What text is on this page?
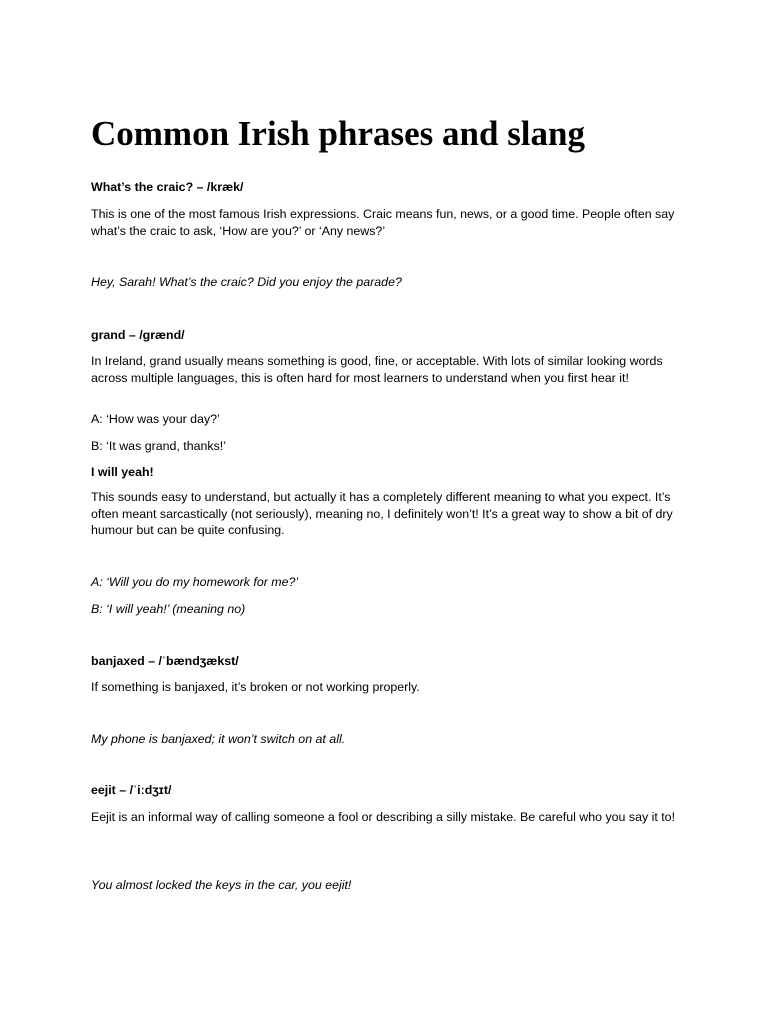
Common Irish phrases and slang

What’s the craic? – /kræk/

This is one of the most famous Irish expressions. Craic means fun, news, or a good time. People often say what’s the craic to ask, ‘How are you?’ or ‘Any news?’

Hey, Sarah! What’s the craic? Did you enjoy the parade?

grand – /grænd/

In Ireland, grand usually means something is good, fine, or acceptable. With lots of similar looking words across multiple languages, this is often hard for most learners to understand when you first hear it!

A: ‘How was your day?’

B: ‘It was grand, thanks!’

I will yeah!

This sounds easy to understand, but actually it has a completely different meaning to what you expect. It’s often meant sarcastically (not seriously), meaning no, I definitely won’t! It’s a great way to show a bit of dry humour but can be quite confusing.

A: ‘Will you do my homework for me?’

B: ‘I will yeah!’ (meaning no)

banjaxed – /ˈbændʒækst/

If something is banjaxed, it’s broken or not working properly.

My phone is banjaxed; it won’t switch on at all.

eejit – /ˈiːdʒɪt/

Eejit is an informal way of calling someone a fool or describing a silly mistake. Be careful who you say it to!

You almost locked the keys in the car, you eejit!
